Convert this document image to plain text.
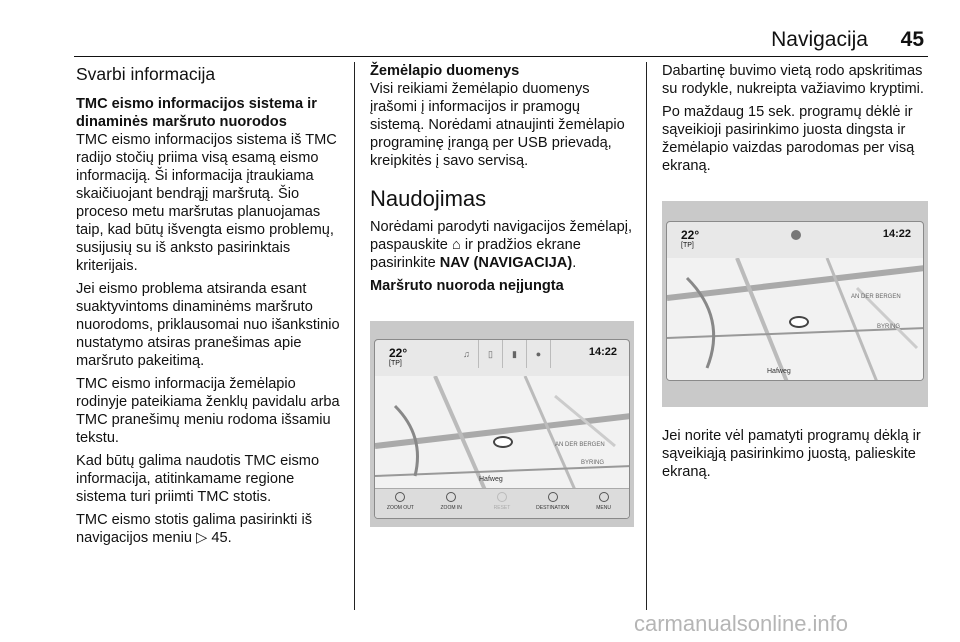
Navigacija 45
Svarbi informacija
TMC eismo informacijos sistema ir dinaminės maršruto nuorodos

TMC eismo informacijos sistema iš TMC radijo stočių priima visą esamą eismo informaciją. Ši informacija įtraukiama skaičiuojant bendrąjį maršrutą. Šio proceso metu maršrutas planuojamas taip, kad būtų išvengta eismo problemų, susijusių su iš anksto pasirinktais kriterijais.

Jei eismo problema atsiranda esant suaktyvintoms dinaminėms maršruto nuorodoms, priklausomai nuo išankstinio nustatymo atsiras pranešimas apie maršruto pakeitimą.

TMC eismo informacija žemėlapio rodinyje pateikiama ženklų pavidalu arba TMC pranešimų meniu rodoma išsamiu tekstu.

Kad būtų galima naudotis TMC eismo informacija, atitinkamame regione sistema turi priimti TMC stotis.

TMC eismo stotis galima pasirinkti iš navigacijos meniu ▷ 45.

Žemėlapio duomenys

Visi reikiami žemėlapio duomenys įrašomi į informacijos ir pramogų sistemą. Norėdami atnaujinti žemėlapio programinę įrangą per USB prievadą, kreipkitės į savo servisą.

Naudojimas

Norėdami parodyti navigacijos žemėlapį, paspauskite ⌂ ir pradžios ekrane pasirinkite NAV (NAVIGACIJA).

Maršruto nuoroda neįjungta
22°
[TP]
♫	▯	▮	●	14:22
AN DER BERGEN
BYRING
Hafweg
ZOOM OUT	ZOOM IN	RESET	DESTINATION	MENU

Dabartinę buvimo vietą rodo apskritimas su rodykle, nukreipta važiavimo kryptimi.

Po maždaug 15 sek. programų dėklė ir sąveikioji pasirinkimo juosta dingsta ir žemėlapio vaizdas parodomas per visą ekraną.

22°
[TP]
14:22
AN DER BERGEN
BYRING
Hafweg

Jei norite vėl pamatyti programų dėklą ir sąveikiąją pasirinkimo juostą, palieskite ekraną.

carmanualsonline.info
